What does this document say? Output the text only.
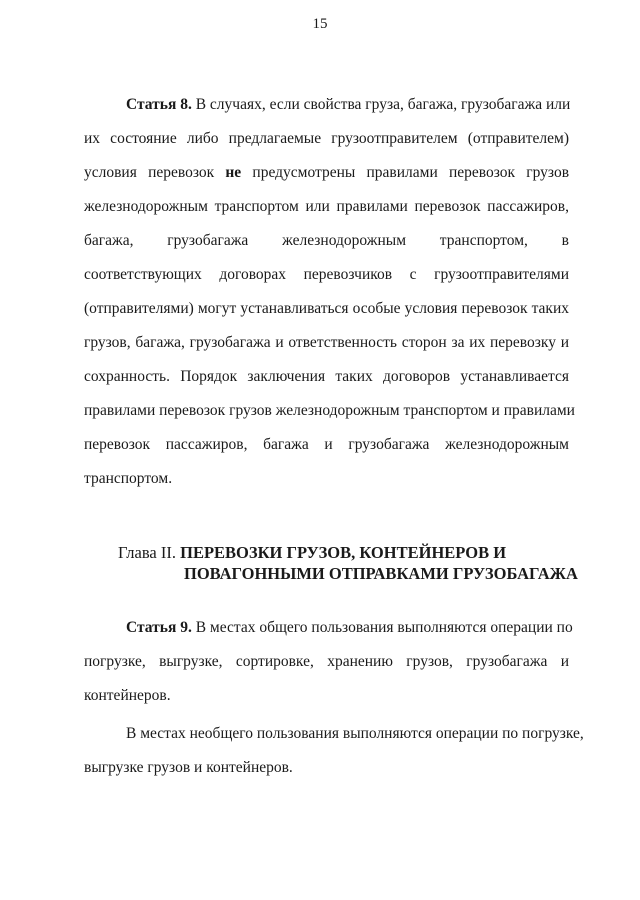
15
Статья 8. В случаях, если свойства груза, багажа, грузобагажа или
их состояние либо предлагаемые грузоотправителем (отправителем)
условия перевозок не предусмотрены правилами перевозок грузов
железнодорожным транспортом или правилами перевозок пассажиров,
багажа, грузобагажа железнодорожным транспортом, в
соответствующих договорах перевозчиков с грузоотправителями
(отправителями) могут устанавливаться особые условия перевозок таких
грузов, багажа, грузобагажа и ответственность сторон за их перевозку и
сохранность. Порядок заключения таких договоров устанавливается
правилами перевозок грузов железнодорожным транспортом и правилами
перевозок пассажиров, багажа и грузобагажа железнодорожным
транспортом.
Глава II. ПЕРЕВОЗКИ ГРУЗОВ, КОНТЕЙНЕРОВ И
ПОВАГОННЫМИ ОТПРАВКАМИ ГРУЗОБАГАЖА
Статья 9. В местах общего пользования выполняются операции по
погрузке, выгрузке, сортировке, хранению грузов, грузобагажа и
контейнеров.
В местах необщего пользования выполняются операции по погрузке,
выгрузке грузов и контейнеров.
